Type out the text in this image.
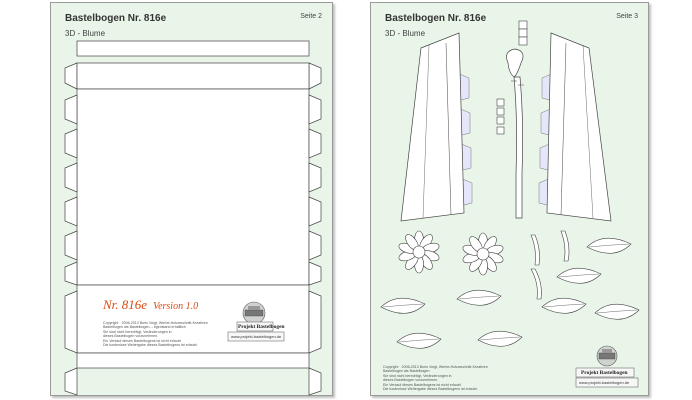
Bastelbogen Nr. 816e
3D - Blume
Seite 2
Nr. 816e Version 1.0
Copyright · 2006-2013 Boris Voigt, Werbe-Holzarschnitt-Kreativen
Bastelbogen als Bastelbogen -- tigenstand erhältlich
Sie sind nicht berechtigt, Veränderungen in
dieses Bastelbogen vorzunehmen.
Ein Verkauf dieses Bastelbogens ist nicht erlaubt
Die kostenlose Weitergabe dieses Bastelbogens ist erlaubt.
Projekt Bastelbogen
www.projekt-bastelbogen.de
Bastelbogen Nr. 816e
3D - Blume
Seite 3
Copyright · 2006-2013 Boris Voigt, Werbe-Holzarschnitt-Kreativen
Bastelbogen als Bastelbogen
Sie sind nicht berechtigt, Veränderungen in
dieses Bastelbogen vorzunehmen.
Ein Verkauf dieses Bastelbogens ist nicht erlaubt
Die kostenlose Weitergabe dieses Bastelbogens ist erlaubt.
Projekt Bastelbogen
www.projekt-bastelbogen.de
